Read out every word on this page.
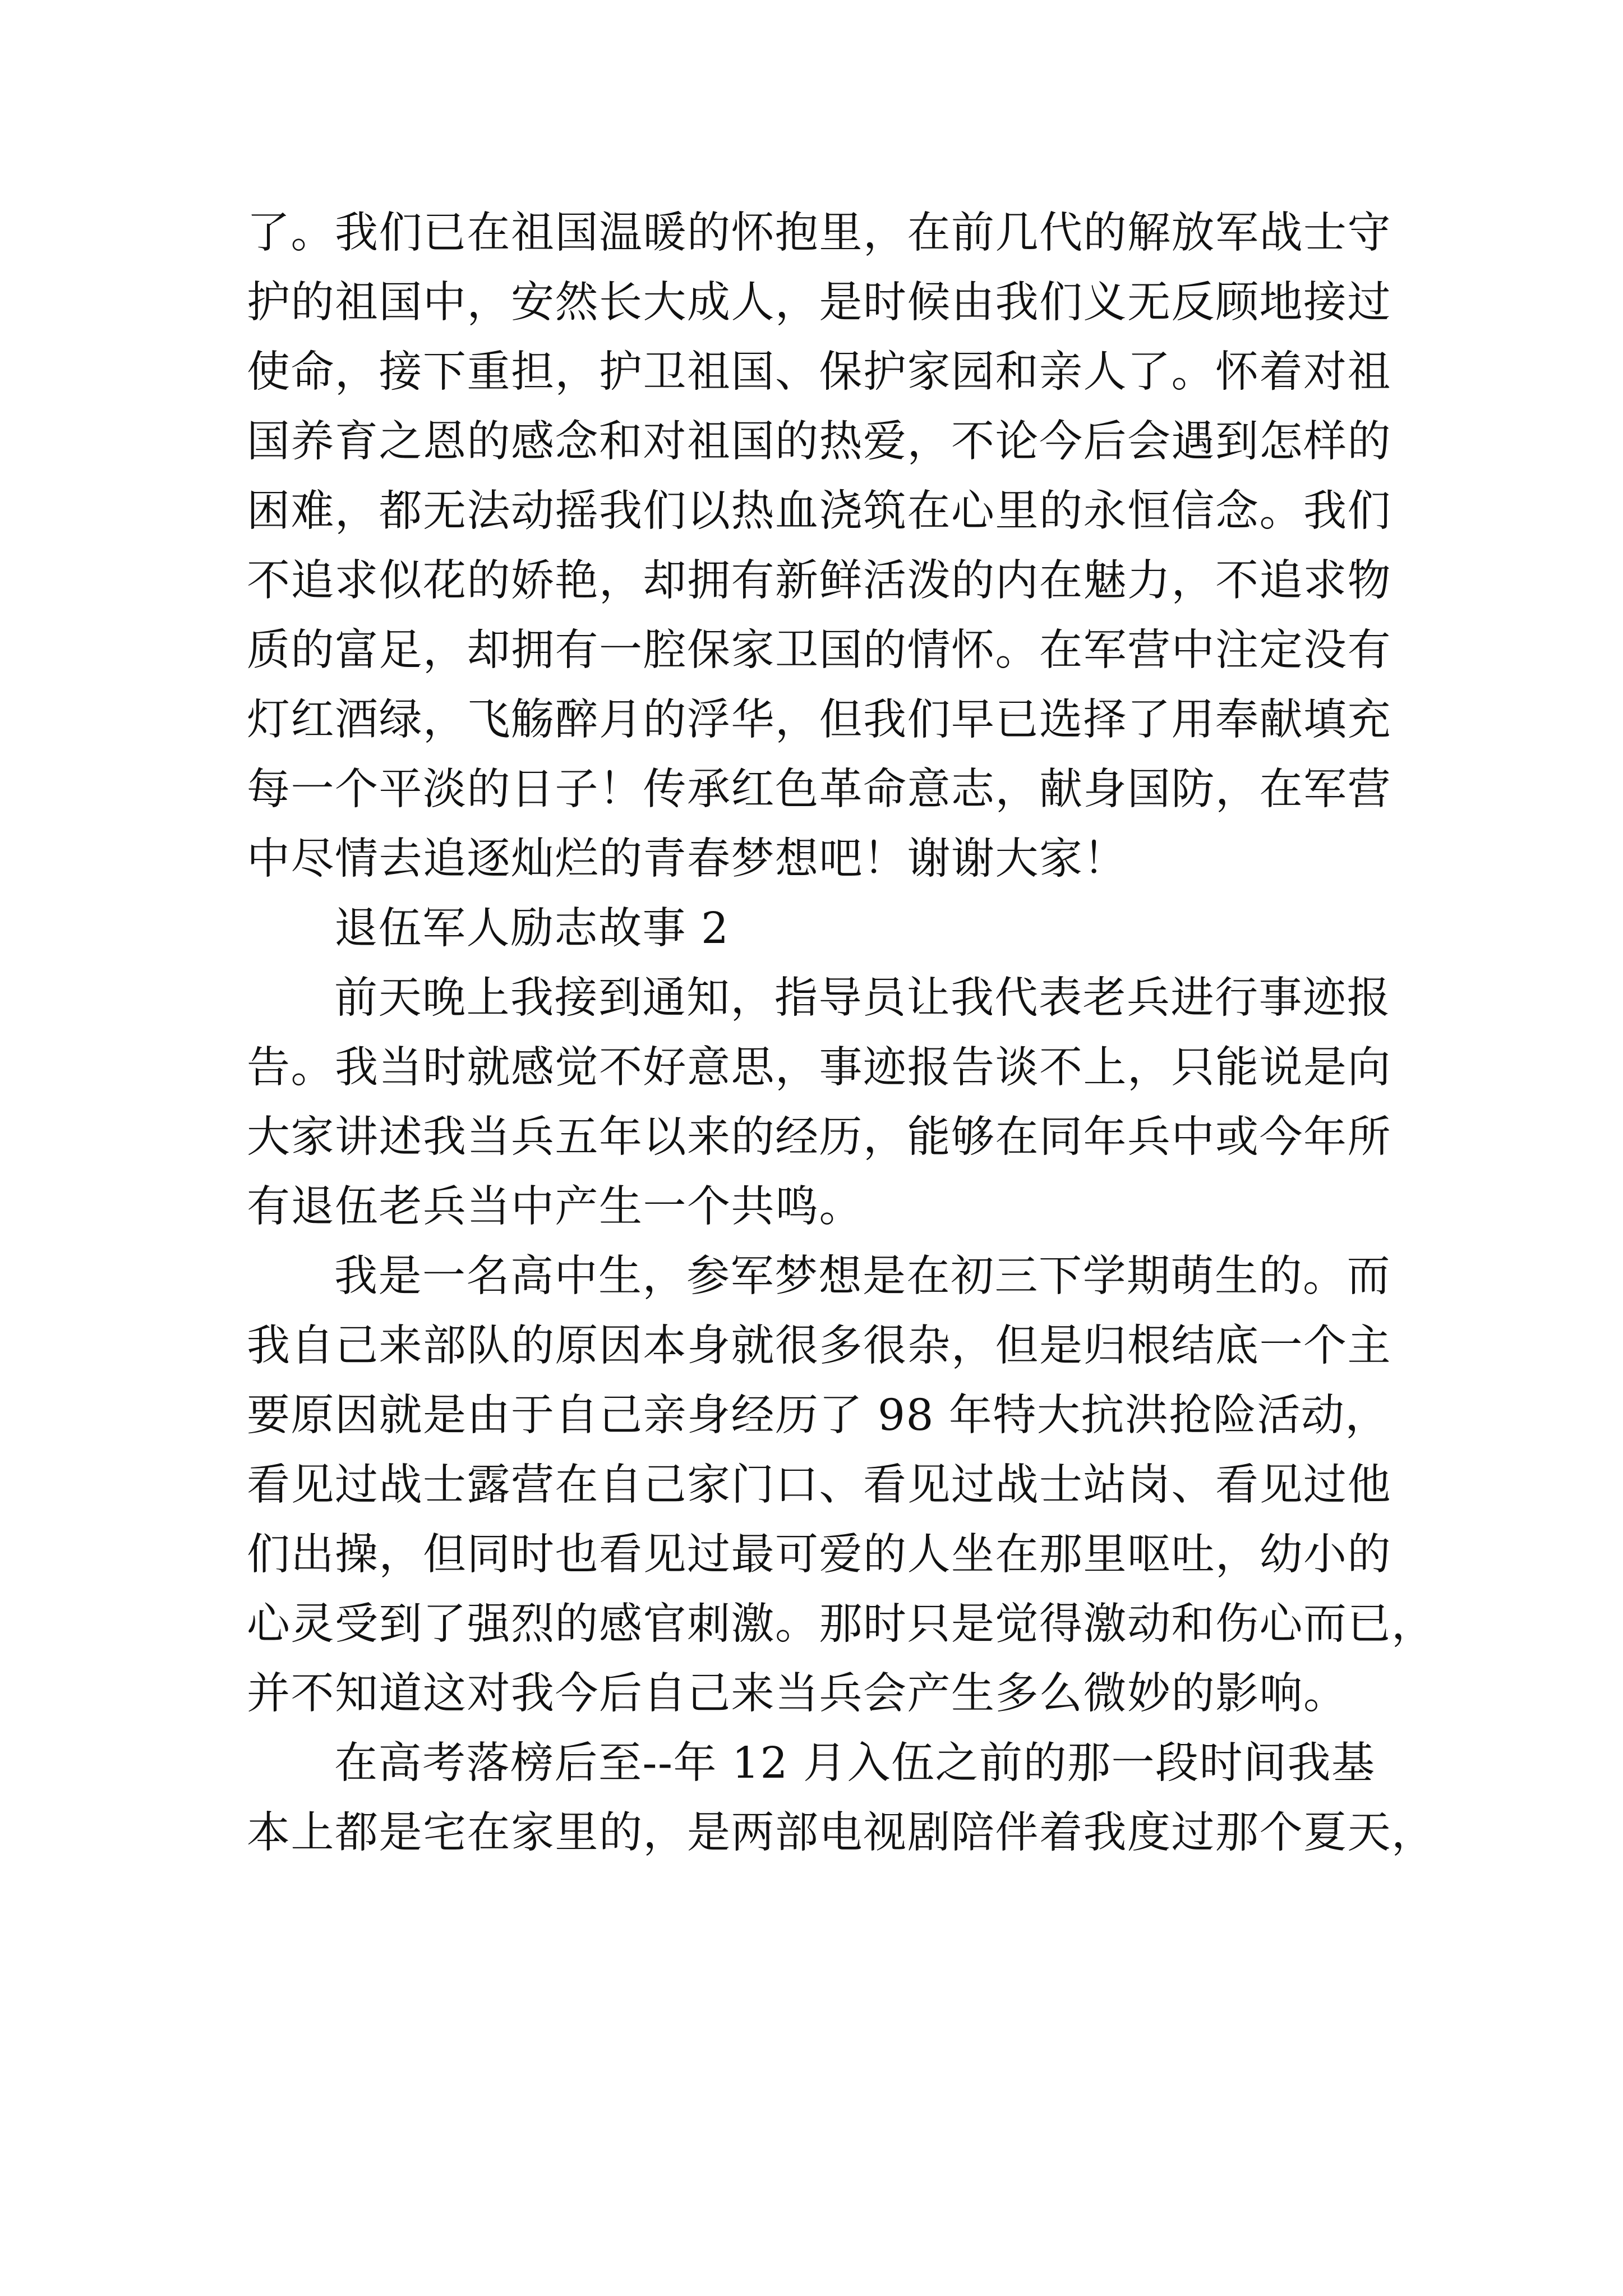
了。我们已在祖国温暖的怀抱里，在前几代的解放军战士守
护的祖国中，安然长大成人，是时候由我们义无反顾地接过
使命，接下重担，护卫祖国、保护家园和亲人了。怀着对祖
国养育之恩的感念和对祖国的热爱，不论今后会遇到怎样的
困难，都无法动摇我们以热血浇筑在心里的永恒信念。我们
不追求似花的娇艳，却拥有新鲜活泼的内在魅力，不追求物
质的富足，却拥有一腔保家卫国的情怀。在军营中注定没有
灯红酒绿，飞觞醉月的浮华，但我们早已选择了用奉献填充
每一个平淡的日子！传承红色革命意志，献身国防，在军营
中尽情去追逐灿烂的青春梦想吧！谢谢大家！
退伍军人励志故事 2
前天晚上我接到通知，指导员让我代表老兵进行事迹报
告。我当时就感觉不好意思，事迹报告谈不上，只能说是向
大家讲述我当兵五年以来的经历，能够在同年兵中或今年所
有退伍老兵当中产生一个共鸣。
我是一名高中生，参军梦想是在初三下学期萌生的。而
我自己来部队的原因本身就很多很杂，但是归根结底一个主
要原因就是由于自己亲身经历了 98 年特大抗洪抢险活动，
看见过战士露营在自己家门口、看见过战士站岗、看见过他
们出操，但同时也看见过最可爱的人坐在那里呕吐，幼小的
心灵受到了强烈的感官刺激。那时只是觉得激动和伤心而已，
并不知道这对我今后自己来当兵会产生多么微妙的影响。
在高考落榜后至--年 12 月入伍之前的那一段时间我基
本上都是宅在家里的，是两部电视剧陪伴着我度过那个夏天，
